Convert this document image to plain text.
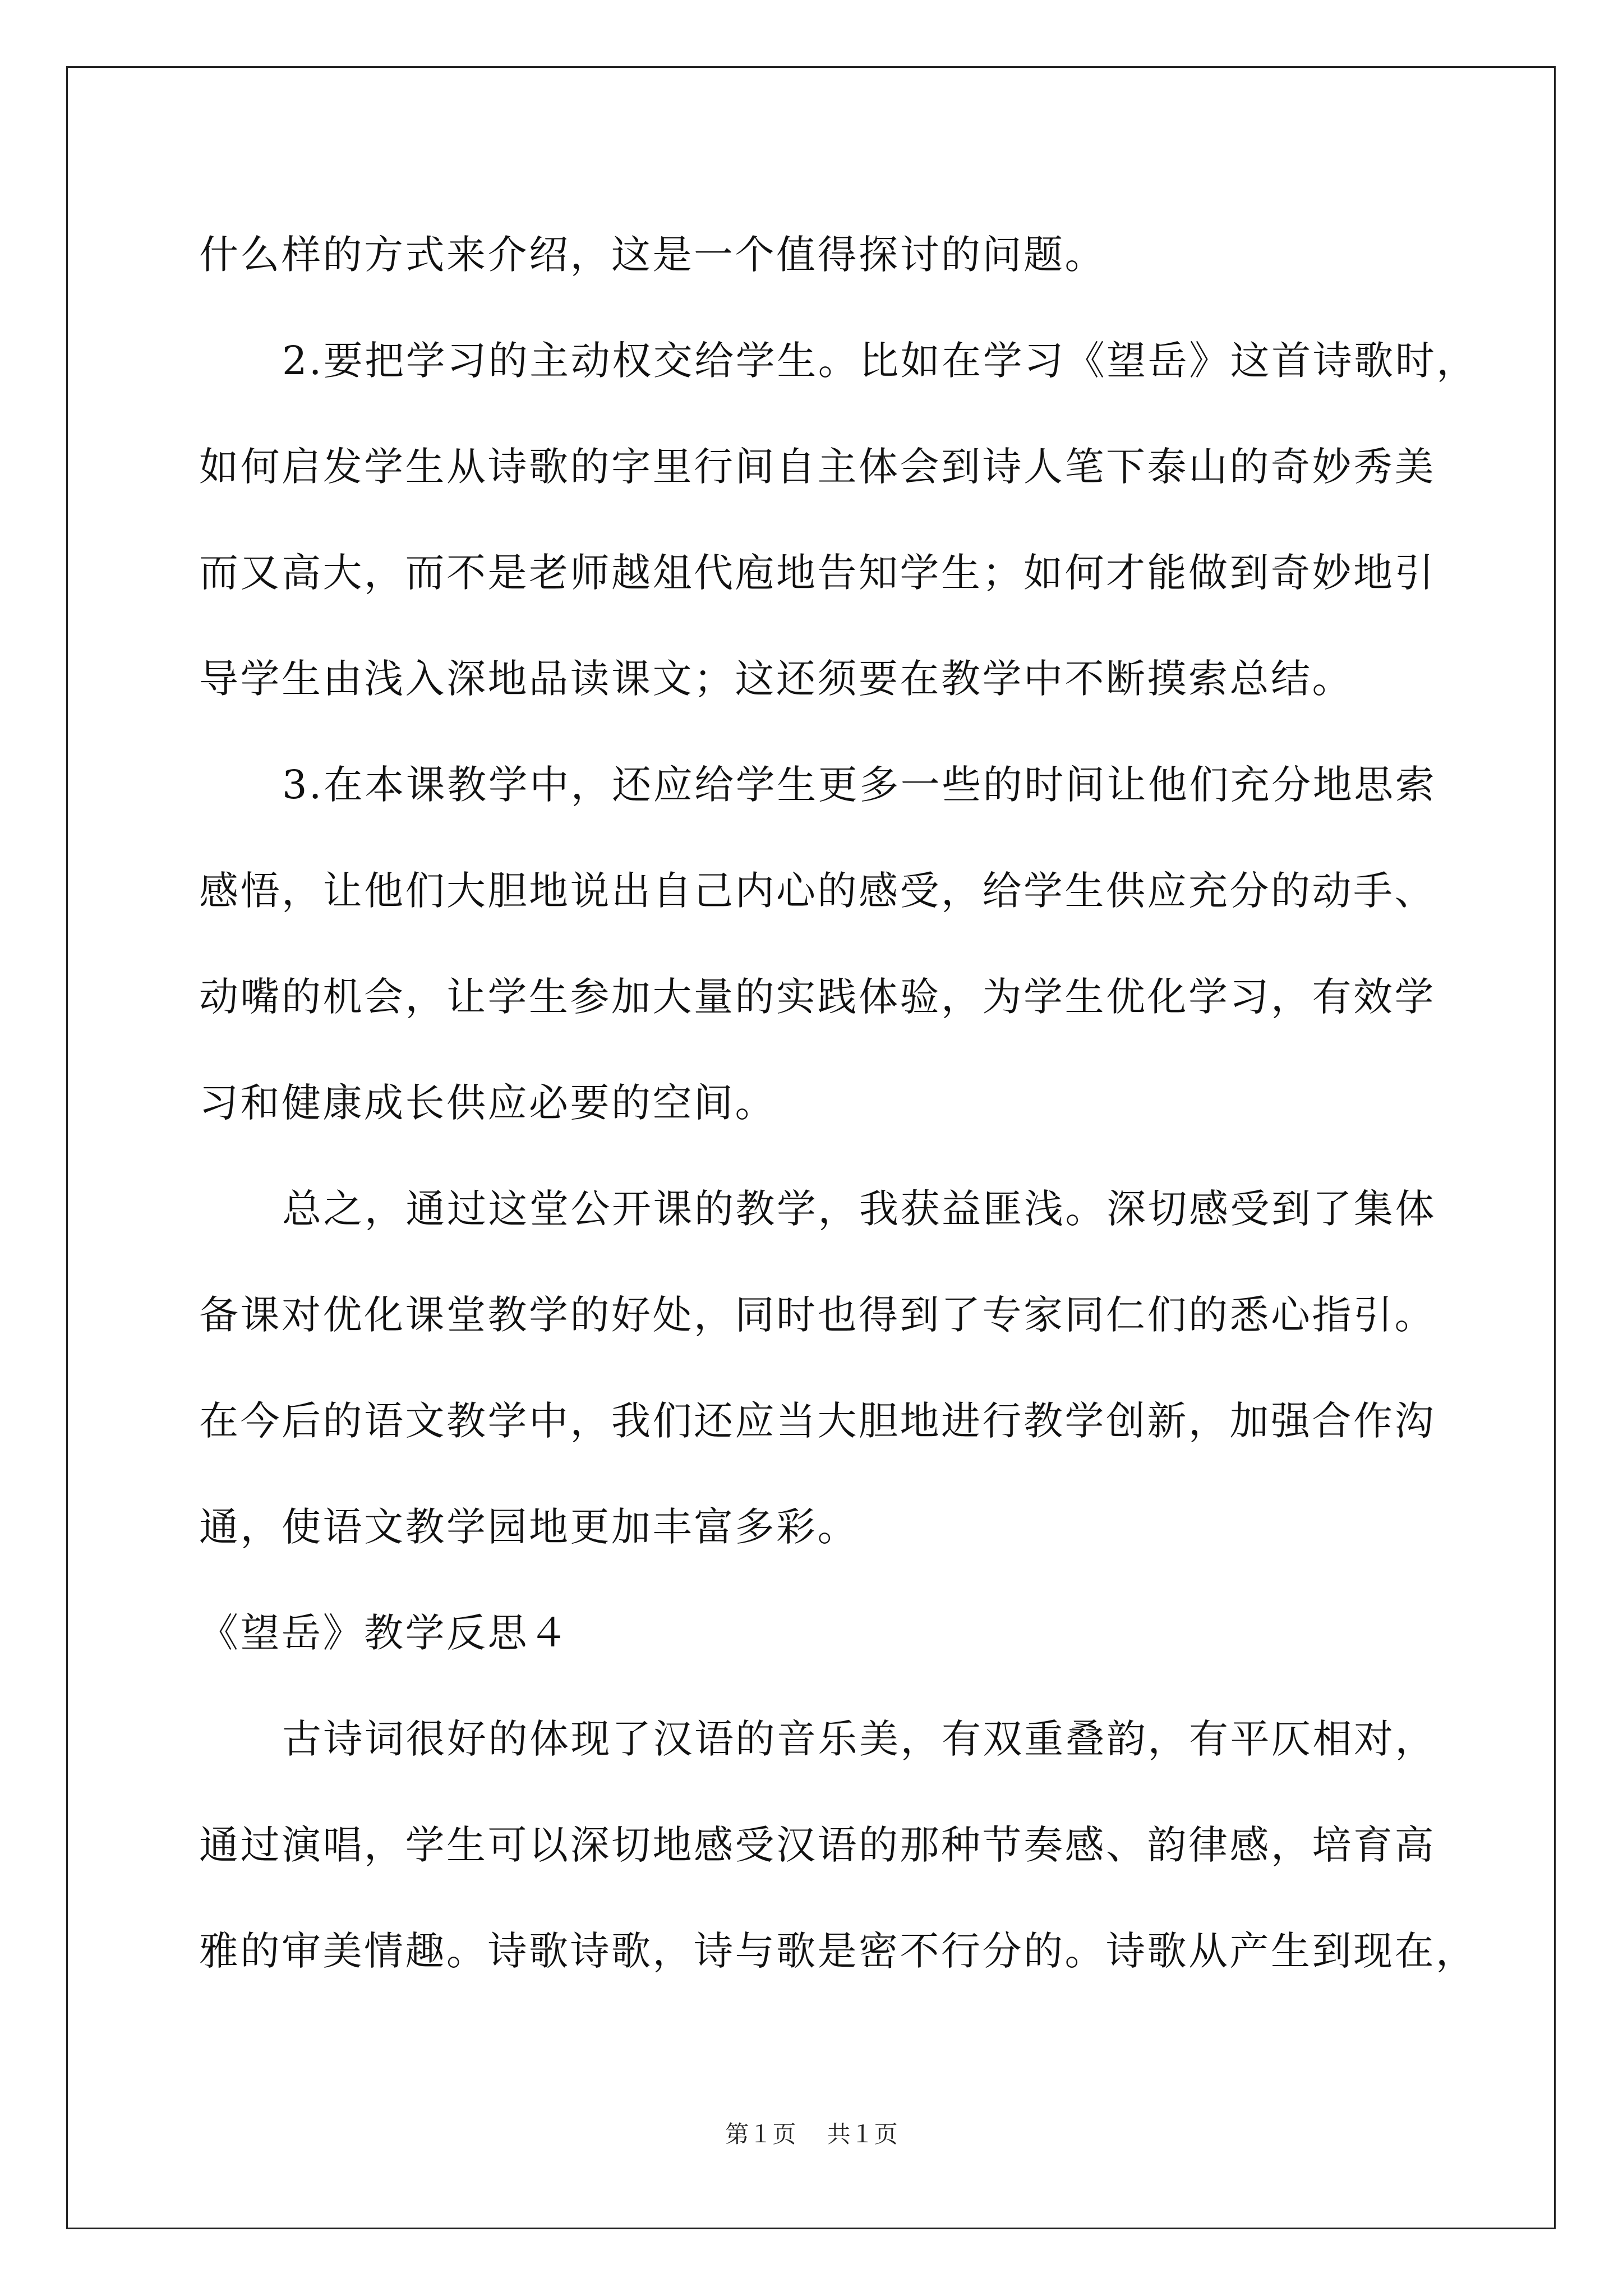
什么样的方式来介绍，这是一个值得探讨的问题。
2.要把学习的主动权交给学生。比如在学习《望岳》这首诗歌时，
如何启发学生从诗歌的字里行间自主体会到诗人笔下泰山的奇妙秀美
而又高大，而不是老师越俎代庖地告知学生；如何才能做到奇妙地引
导学生由浅入深地品读课文；这还须要在教学中不断摸索总结。
3.在本课教学中，还应给学生更多一些的时间让他们充分地思索
感悟，让他们大胆地说出自己内心的感受，给学生供应充分的动手、
动嘴的机会，让学生参加大量的实践体验，为学生优化学习，有效学
习和健康成长供应必要的空间。
总之，通过这堂公开课的教学，我获益匪浅。深切感受到了集体
备课对优化课堂教学的好处，同时也得到了专家同仁们的悉心指引。
在今后的语文教学中，我们还应当大胆地进行教学创新，加强合作沟
通，使语文教学园地更加丰富多彩。
《望岳》教学反思４
古诗词很好的体现了汉语的音乐美，有双重叠韵，有平仄相对，
通过演唱，学生可以深切地感受汉语的那种节奏感、韵律感，培育高
雅的审美情趣。诗歌诗歌，诗与歌是密不行分的。诗歌从产生到现在，
第１页　 共１页
